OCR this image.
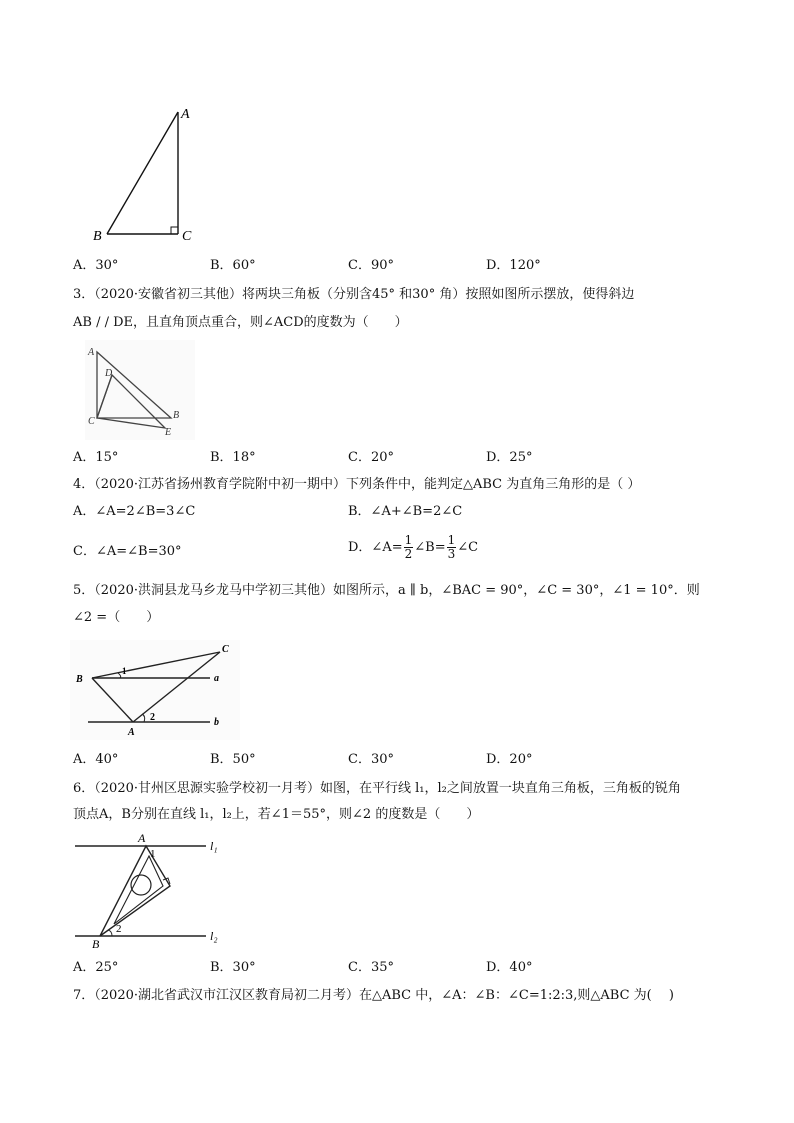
A
B	C
A．30°	B．60°	C．90°	D．120°
3．（2020·安徽省初三其他）将两块三角板（分别含45° 和30° 角）按照如图所示摆放，使得斜边
AB / / DE，且直角顶点重合，则∠ACD的度数为（　　）
A
D
C
B
E
A．15°	B．18°	C．20°	D．25°
4．（2020·江苏省扬州教育学院附中初一期中）下列条件中，能判定△ABC 为直角三角形的是（ ）
A．∠A=2∠B=3∠C	B．∠A+∠B=2∠C
C．∠A=∠B=30°	D．∠A= $\frac{1}{2}$ ∠B= $\frac{1}{3}$ ∠C
5．（2020·洪洞县龙马乡龙马中学初三其他）如图所示，a ∥ b，∠BAC = 90°，∠C = 30°，∠1 = 10°．则
∠2 =（　　）
B
C
A
a
b
1
2
A．40°	B．50°	C．30°	D．20°
6．（2020·甘州区思源实验学校初一月考）如图，在平行线 l₁，l₂之间放置一块直角三角板，三角板的锐角
顶点A，B分别在直线 l₁，l₂上，若∠1＝55°，则∠2 的度数是（　　）
A
B
l₁
l₂
1
2
A．25°	B．30°	C．35°	D．40°
7．（2020·湖北省武汉市江汉区教育局初二月考）在△ABC 中，∠A：∠B：∠C=1:2:3,则△ABC 为(　 )
